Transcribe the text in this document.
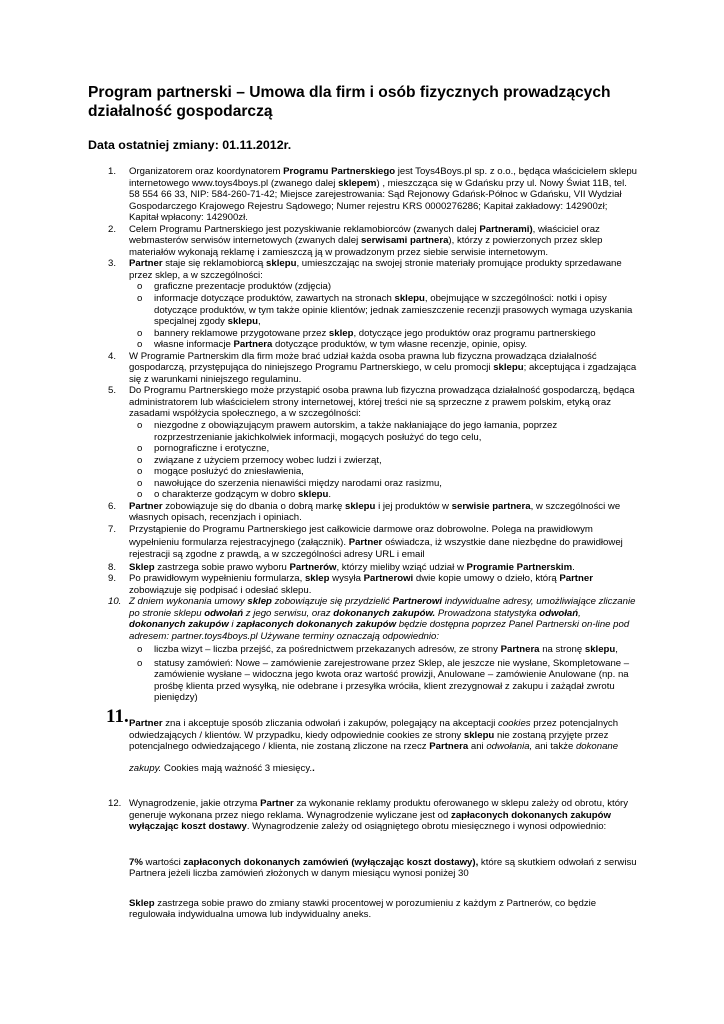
Program partnerski – Umowa dla firm i osób fizycznych prowadzących działalność gospodarczą

Data ostatniej zmiany: 01.11.2012r.

1. Organizatorem oraz koordynatorem Programu Partnerskiego jest Toys4Boys.pl sp. z o.o., będąca właścicielem sklepu internetowego www.toys4boys.pl (zwanego dalej sklepem) , mieszcząca się w Gdańsku przy ul. Nowy Świat 11B, tel. 58 554 66 33, NIP: 584-260-71-42; Miejsce zarejestrowania: Sąd Rejonowy Gdańsk-Północ w Gdańsku, VII Wydział Gospodarczego Krajowego Rejestru Sądowego; Numer rejestru KRS 0000276286; Kapitał zakładowy: 142900zł; Kapitał wpłacony: 142900zł.
2. Celem Programu Partnerskiego jest pozyskiwanie reklamobiorców (zwanych dalej Partnerami), właściciel oraz webmasterów serwisów internetowych (zwanych dalej serwisami partnera), którzy z powierzonych przez sklep materiałów wykonają reklamę i zamieszczą ją w prowadzonym przez siebie serwisie internetowym.
3. Partner staje się reklamobiorcą sklepu, umieszczając na swojej stronie materiały promujące produkty sprzedawane przez sklep, a w szczególności:
o graficzne prezentacje produktów (zdjęcia)
o informacje dotyczące produktów, zawartych na stronach sklepu, obejmujące w szczególności: notki i opisy dotyczące produktów, w tym także opinie klientów; jednak zamieszczenie recenzji prasowych wymaga uzyskania specjalnej zgody sklepu,
o bannery reklamowe przygotowane przez sklep, dotyczące jego produktów oraz programu partnerskiego
o własne informacje Partnera dotyczące produktów, w tym własne recenzje, opinie, opisy.
4. W Programie Partnerskim dla firm może brać udział każda osoba prawna lub fizyczna prowadząca działalność gospodarczą, przystępująca do niniejszego Programu Partnerskiego, w celu promocji sklepu; akceptująca i zgadzająca się z warunkami niniejszego regulaminu.
5. Do Programu Partnerskiego może przystąpić osoba prawna lub fizyczna prowadząca działalność gospodarczą, będąca administratorem lub właścicielem strony internetowej, której treści nie są sprzeczne z prawem polskim, etyką oraz zasadami współżycia społecznego, a w szczególności:
o niezgodne z obowiązującym prawem autorskim, a także nakłaniające do jego łamania, poprzez rozprzestrzenianie jakichkolwiek informacji, mogących posłużyć do tego celu,
o pornograficzne i erotyczne,
o związane z użyciem przemocy wobec ludzi i zwierząt,
o mogące posłużyć do zniesławienia,
o nawołujące do szerzenia nienawiści między narodami oraz rasizmu,
o o charakterze godzącym w dobro sklepu.
6. Partner zobowiązuje się do dbania o dobrą markę sklepu i jej produktów w serwisie partnera, w szczególności we własnych opisach, recenzjach i opiniach.
7. Przystąpienie do Programu Partnerskiego jest całkowicie darmowe oraz dobrowolne. Polega na prawidłowym wypełnieniu formularza rejestracyjnego (załącznik). Partner oświadcza, iż wszystkie dane niezbędne do prawidłowej rejestracji są zgodne z prawdą, a w szczególności adresy URL i email
8. Sklep zastrzega sobie prawo wyboru Partnerów, którzy mieliby wziąć udział w Programie Partnerskim.
9. Po prawidłowym wypełnieniu formularza, sklep wysyła Partnerowi dwie kopie umowy o dzieło, którą Partner zobowiązuje się podpisać i odesłać sklepu.
10. Z dniem wykonania umowy sklep zobowiązuje się przydzielić Partnerowi indywidualne adresy, umożliwiające zliczanie po stronie sklepu odwołań z jego serwisu, oraz dokonanych zakupów. Prowadzona statystyka odwołań, dokonanych zakupów i zapłaconych dokonanych zakupów będzie dostępna poprzez Panel Partnerski on-line pod adresem: partner.toys4boys.pl Używane terminy oznaczają odpowiednio:
o liczba wizyt – liczba przejść, za pośrednictwem przekazanych adresów, ze strony Partnera na stronę sklepu,
o statusy zamówień: Nowe – zamówienie zarejestrowane przez Sklep, ale jeszcze nie wysłane, Skompletowane – zamówienie wysłane – widoczna jego kwota oraz wartość prowizji, Anulowane – zamówienie Anulowane (np. na prośbę klienta przed wysyłką, nie odebrane i przesyłka wróciła, klient zrezygnował z zakupu i zażądał zwrotu pieniędzy)
11. Partner zna i akceptuje sposób zliczania odwołań i zakupów, polegający na akceptacji cookies przez potencjalnych odwiedzających / klientów. W przypadku, kiedy odpowiednie cookies ze strony sklepu nie zostaną przyjęte przez potencjalnego odwiedzającego / klienta, nie zostaną zliczone na rzecz Partnera ani odwołania, ani także dokonane
zakupy. Cookies mają ważność 3 miesięcy..
12. Wynagrodzenie, jakie otrzyma Partner za wykonanie reklamy produktu oferowanego w sklepu zależy od obrotu, który generuje wykonana przez niego reklama. Wynagrodzenie wyliczane jest od zapłaconych dokonanych zakupów wyłączając koszt dostawy. Wynagrodzenie zależy od osiągniętego obrotu miesięcznego i wynosi odpowiednio:
7% wartości zapłaconych dokonanych zamówień (wyłączając koszt dostawy), które są skutkiem odwołań z serwisu Partnera jeżeli liczba zamówień złożonych w danym miesiącu wynosi poniżej 30
Sklep zastrzega sobie prawo do zmiany stawki procentowej w porozumieniu z każdym z Partnerów, co będzie regulowała indywidualna umowa lub indywidualny aneks.
